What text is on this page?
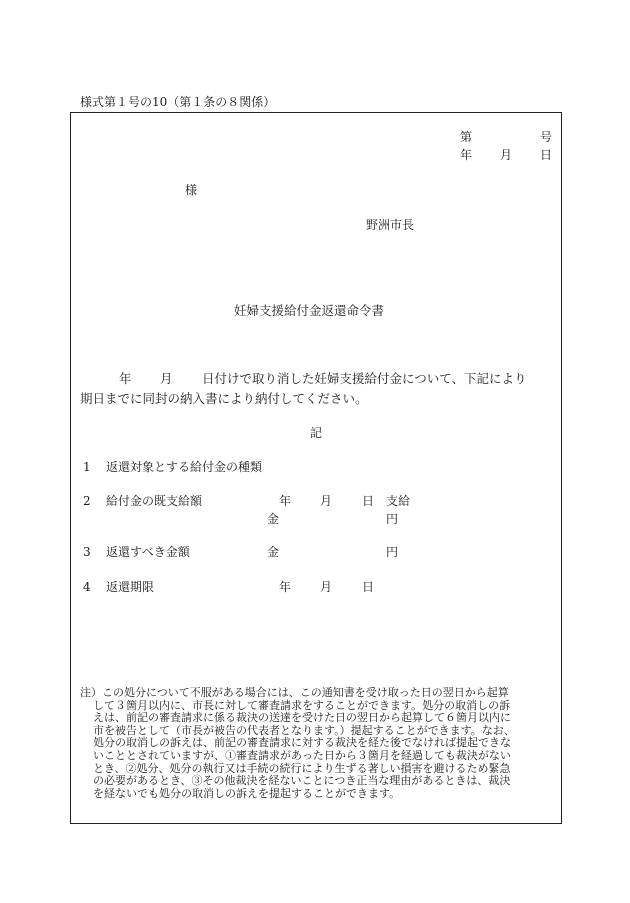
様式第１号の10（第１条の８関係）
第	号
年 月 日
様
野洲市長
妊婦支援給付金返還命令書
年 月 日付けで取り消した妊婦支援給付金について、下記により
期日までに同封の納入書により納付してください。
記
1 返還対象とする給付金の種類
2 給付金の既支給額	年 月 日 支給
金	円
3 返還すべき金額	金	円
4 返還期限	年 月 日
注）この処分について不服がある場合には、この通知書を受け取った日の翌日から起算
して３箇月以内に、市長に対して審査請求をすることができます。処分の取消しの訴
えは、前記の審査請求に係る裁決の送達を受けた日の翌日から起算して６箇月以内に
市を被告として（市長が被告の代表者となります。）提起することができます。なお、
処分の取消しの訴えは、前記の審査請求に対する裁決を経た後でなければ提起できな
いこととされていますが、①審査請求があった日から３箇月を経過しても裁決がない
とき、②処分、処分の執行又は手続の続行により生ずる著しい損害を避けるため緊急
の必要があるとき、③その他裁決を経ないことにつき正当な理由があるときは、裁決
を経ないでも処分の取消しの訴えを提起することができます。
